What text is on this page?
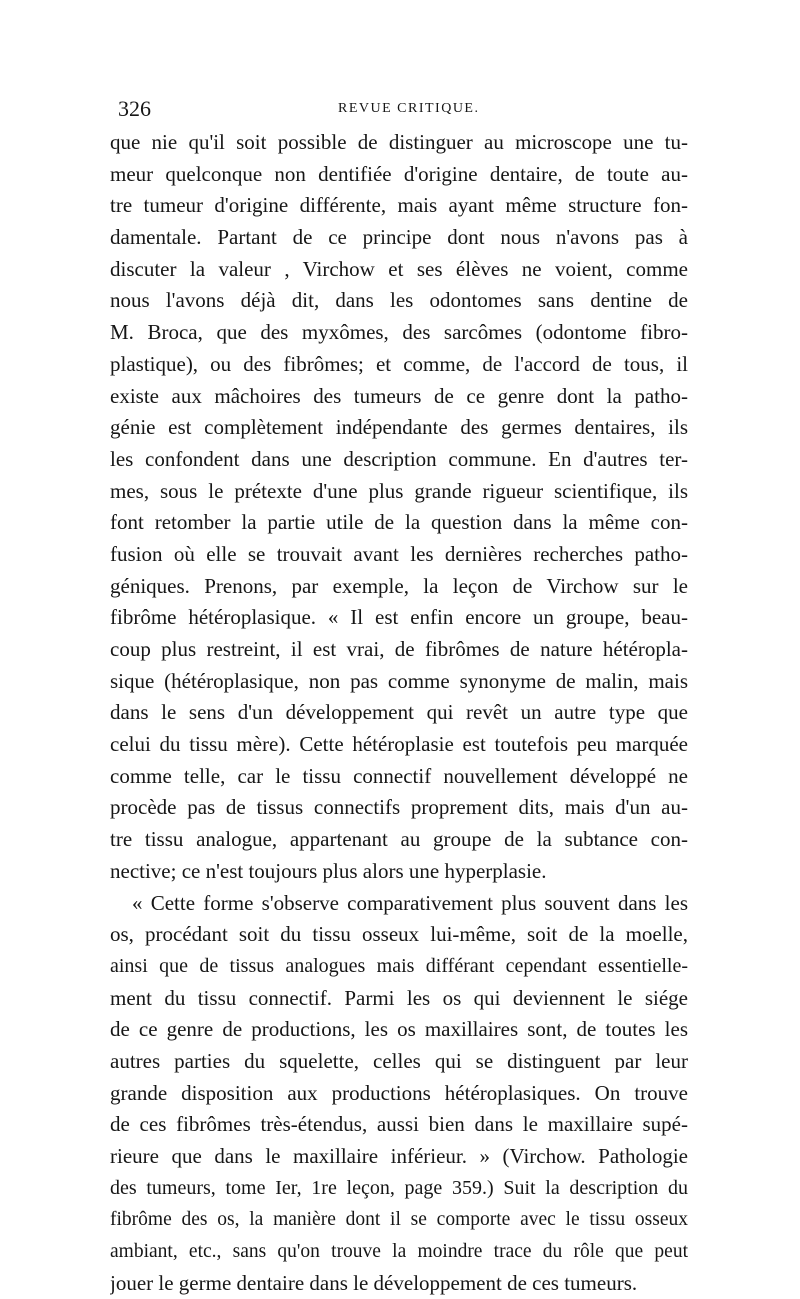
326	REVUE CRITIQUE.
que nie qu'il soit possible de distinguer au microscope une tu-
meur quelconque non dentifiée d'origine dentaire, de toute au-
tre tumeur d'origine différente, mais ayant même structure fon-
damentale. Partant de ce principe dont nous n'avons pas à
discuter la valeur , Virchow et ses élèves ne voient, comme
nous l'avons déjà dit, dans les odontomes sans dentine de
M. Broca, que des myxômes, des sarcômes (odontome fibro-
plastique), ou des fibrômes; et comme, de l'accord de tous, il
existe aux mâchoires des tumeurs de ce genre dont la patho-
génie est complètement indépendante des germes dentaires, ils
les confondent dans une description commune. En d'autres ter-
mes, sous le prétexte d'une plus grande rigueur scientifique, ils
font retomber la partie utile de la question dans la même con-
fusion où elle se trouvait avant les dernières recherches patho-
géniques. Prenons, par exemple, la leçon de Virchow sur le
fibrôme hétéroplasique. « Il est enfin encore un groupe, beau-
coup plus restreint, il est vrai, de fibrômes de nature hétéropla-
sique (hétéroplasique, non pas comme synonyme de malin, mais
dans le sens d'un développement qui revêt un autre type que
celui du tissu mère). Cette hétéroplasie est toutefois peu marquée
comme telle, car le tissu connectif nouvellement développé ne
procède pas de tissus connectifs proprement dits, mais d'un au-
tre tissu analogue, appartenant au groupe de la subtance con-
nective; ce n'est toujours plus alors une hyperplasie.
« Cette forme s'observe comparativement plus souvent dans les
os, procédant soit du tissu osseux lui-même, soit de la moelle,
ainsi que de tissus analogues mais différant cependant essentielle-
ment du tissu connectif. Parmi les os qui deviennent le siége
de ce genre de productions, les os maxillaires sont, de toutes les
autres parties du squelette, celles qui se distinguent par leur
grande disposition aux productions hétéroplasiques. On trouve
de ces fibrômes très-étendus, aussi bien dans le maxillaire supé-
rieure que dans le maxillaire inférieur. » (Virchow. Pathologie
des tumeurs, tome Ier, 1re leçon, page 359.) Suit la description du
fibrôme des os, la manière dont il se comporte avec le tissu osseux
ambiant, etc., sans qu'on trouve la moindre trace du rôle que peut
jouer le germe dentaire dans le développement de ces tumeurs.
